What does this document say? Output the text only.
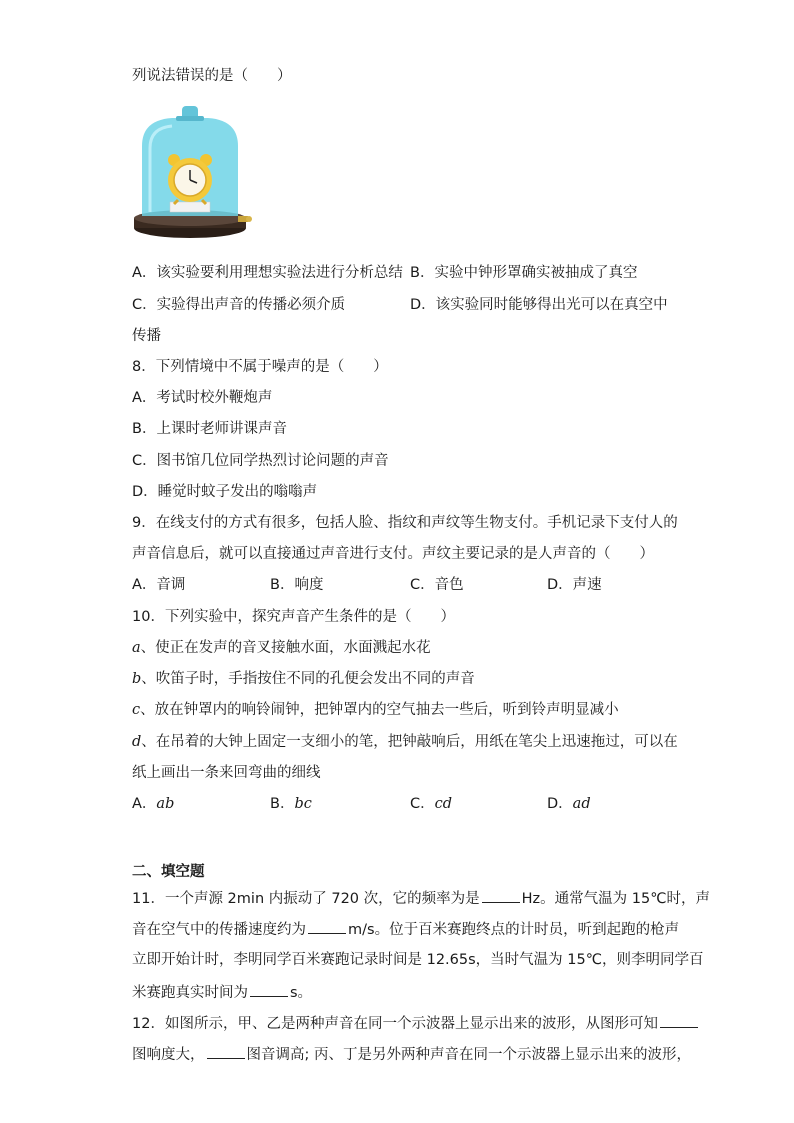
列说法错误的是（　　）
A．该实验要利用理想实验法进行分析总结 B．实验中钟形罩确实被抽成了真空
C．实验得出声音的传播必须介质	D．该实验同时能够得出光可以在真空中
传播
8．下列情境中不属于噪声的是（　　）
A．考试时校外鞭炮声
B．上课时老师讲课声音
C．图书馆几位同学热烈讨论问题的声音
D．睡觉时蚊子发出的嗡嗡声
9．在线支付的方式有很多，包括人脸、指纹和声纹等生物支付。手机记录下支付人的
声音信息后，就可以直接通过声音进行支付。声纹主要记录的是人声音的（　　）
A．音调	B．响度	C．音色	D．声速
10．下列实验中，探究声音产生条件的是（　　）
a、使正在发声的音叉接触水面，水面溅起水花
b、吹笛子时，手指按住不同的孔便会发出不同的声音
c、放在钟罩内的响铃闹钟，把钟罩内的空气抽去一些后，听到铃声明显减小
d、在吊着的大钟上固定一支细小的笔，把钟敲响后，用纸在笔尖上迅速拖过，可以在
纸上画出一条来回弯曲的细线
A．ab	B．bc	C．cd	D．ad
二、填空题
11．一个声源 2min 内振动了 720 次，它的频率为是	Hz。通常气温为 15℃时，声
音在空气中的传播速度约为	m/s。位于百米赛跑终点的计时员，听到起跑的枪声
立即开始计时，李明同学百米赛跑记录时间是 12.65s，当时气温为 15℃，则李明同学百
米赛跑真实时间为	s。
12．如图所示，甲、乙是两种声音在同一个示波器上显示出来的波形，从图形可知
图响度大，	图音调高; 丙、丁是另外两种声音在同一个示波器上显示出来的波形，
